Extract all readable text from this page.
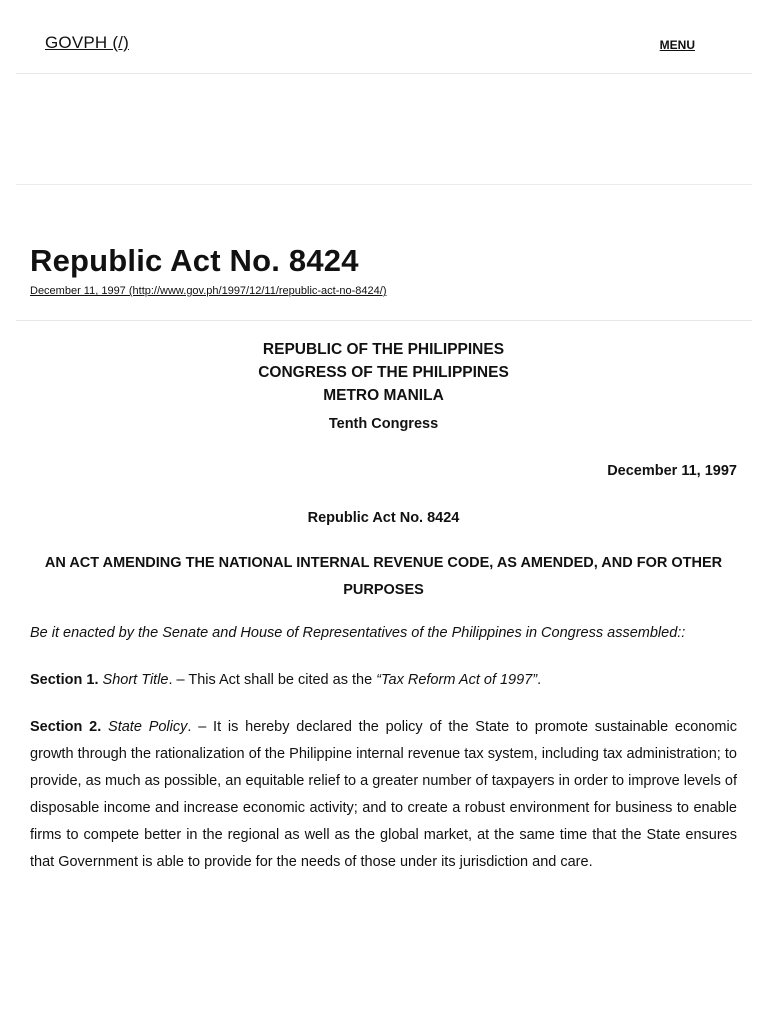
GOVPH (/)	MENU
Republic Act No. 8424
December 11, 1997 (http://www.gov.ph/1997/12/11/republic-act-no-8424/)
REPUBLIC OF THE PHILIPPINES
CONGRESS OF THE PHILIPPINES
METRO MANILA
Tenth Congress
December 11, 1997
Republic Act No. 8424
AN ACT AMENDING THE NATIONAL INTERNAL REVENUE CODE, AS AMENDED, AND FOR OTHER PURPOSES
Be it enacted by the Senate and House of Representatives of the Philippines in Congress assembled::

Section 1. Short Title. – This Act shall be cited as the “Tax Reform Act of 1997”.

Section 2. State Policy. – It is hereby declared the policy of the State to promote sustainable economic growth through the rationalization of the Philippine internal revenue tax system, including tax administration; to provide, as much as possible, an equitable relief to a greater number of taxpayers in order to improve levels of disposable income and increase economic activity; and to create a robust environment for business to enable firms to compete better in the regional as well as the global market, at the same time that the State ensures that Government is able to provide for the needs of those under its jurisdiction and care.
